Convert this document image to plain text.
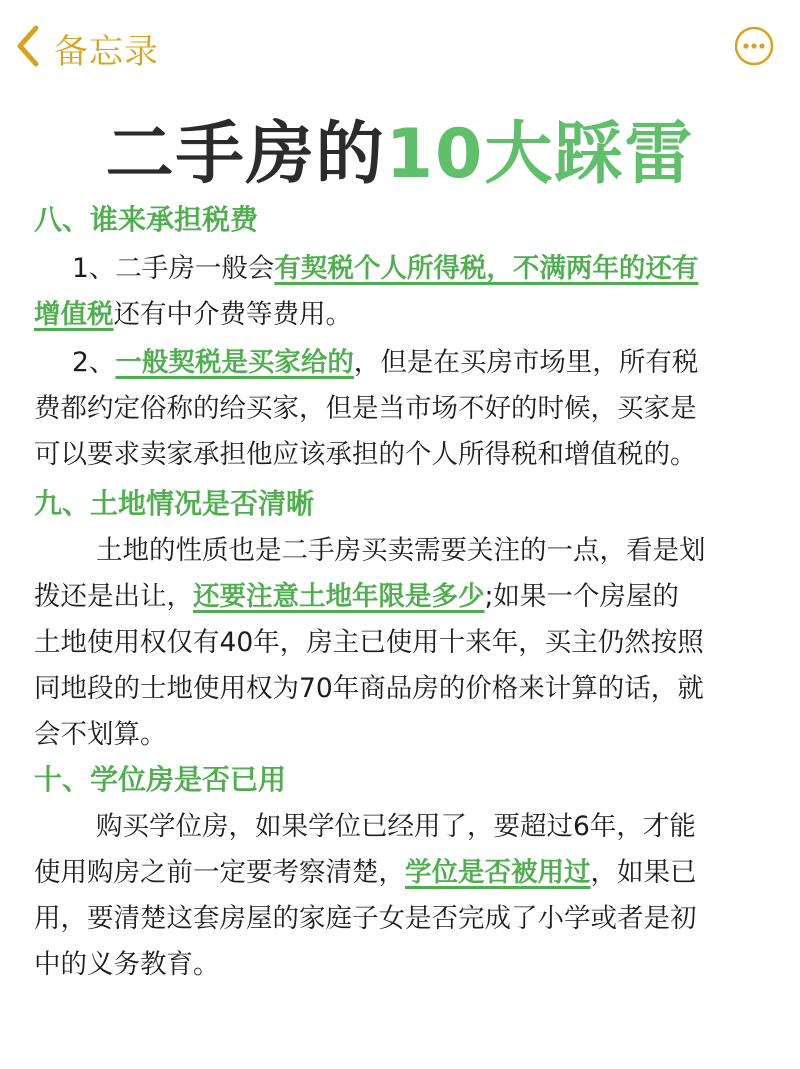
备忘录
二手房的10大踩雷
八、谁来承担税费
1、二手房一般会有契税个人所得税，不满两年的还有
增值税还有中介费等费用。
2、一般契税是买家给的，但是在买房市场里，所有税
费都约定俗称的给买家，但是当市场不好的时候，买家是
可以要求卖家承担他应该承担的个人所得税和增值税的。
九、土地情况是否清晰
土地的性质也是二手房买卖需要关注的一点，看是划
拨还是出让，还要注意土地年限是多少;如果一个房屋的
土地使用权仅有40年，房主已使用十来年，买主仍然按照
同地段的士地使用权为70年商品房的价格来计算的话，就
会不划算。
十、学位房是否已用
购买学位房，如果学位已经用了，要超过6年，才能
使用购房之前一定要考察清楚，学位是否被用过，如果已
用，要清楚这套房屋的家庭子女是否完成了小学或者是初
中的义务教育。
